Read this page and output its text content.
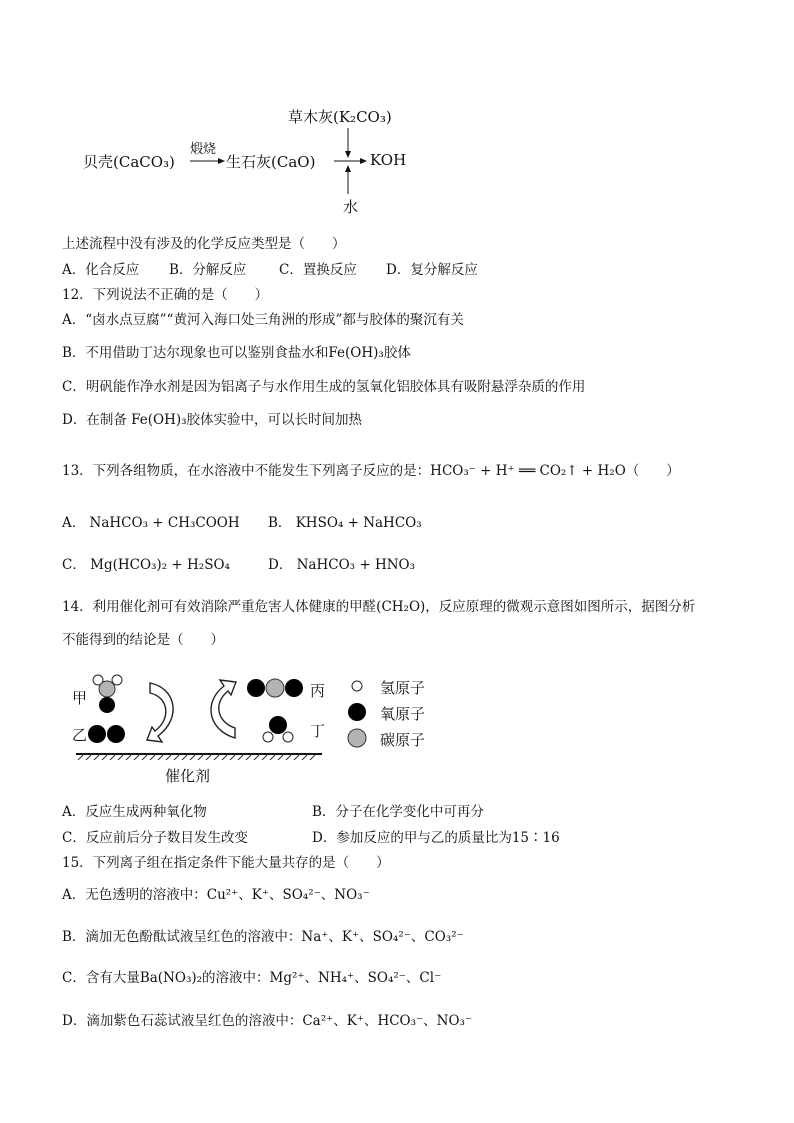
草木灰(K₂CO₃)
贝壳(CaCO₃)
煅烧
生石灰(CaO)	KOH
水
上述流程中没有涉及的化学反应类型是（　　）
A．化合反应 B．分解反应 C．置换反应 D．复分解反应
12．下列说法不正确的是（　　）
A．“卤水点豆腐”“黄河入海口处三角洲的形成”都与胶体的聚沉有关
B．不用借助丁达尔现象也可以鉴别食盐水和Fe(OH)₃胶体
C．明矾能作净水剂是因为铝离子与水作用生成的氢氧化铝胶体具有吸附悬浮杂质的作用
D．在制备 Fe(OH)₃胶体实验中，可以长时间加热
13．下列各组物质，在水溶液中不能发生下列离子反应的是：HCO₃⁻ + H⁺ ══ CO₂↑ + H₂O（　　）
A． NaHCO₃ + CH₃COOH B． KHSO₄ + NaHCO₃
C． Mg(HCO₃)₂ + H₂SO₄	D． NaHCO₃ + HNO₃
14．利用催化剂可有效消除严重危害人体健康的甲醛(CH₂O)，反应原理的微观示意图如图所示，据图分析
不能得到的结论是（　　）
甲
乙
丙
丁
催化剂
氢原子
氧原子
碳原子
A．反应生成两种氧化物	B．分子在化学变化中可再分
C．反应前后分子数目发生改变	D．参加反应的甲与乙的质量比为15∶16
15．下列离子组在指定条件下能大量共存的是（　　）
A．无色透明的溶液中：Cu²⁺、K⁺、SO₄²⁻、NO₃⁻
B．滴加无色酚酞试液呈红色的溶液中：Na⁺、K⁺、SO₄²⁻、CO₃²⁻
C．含有大量Ba(NO₃)₂的溶液中：Mg²⁺、NH₄⁺、SO₄²⁻、Cl⁻
D．滴加紫色石蕊试液呈红色的溶液中：Ca²⁺、K⁺、HCO₃⁻、NO₃⁻
